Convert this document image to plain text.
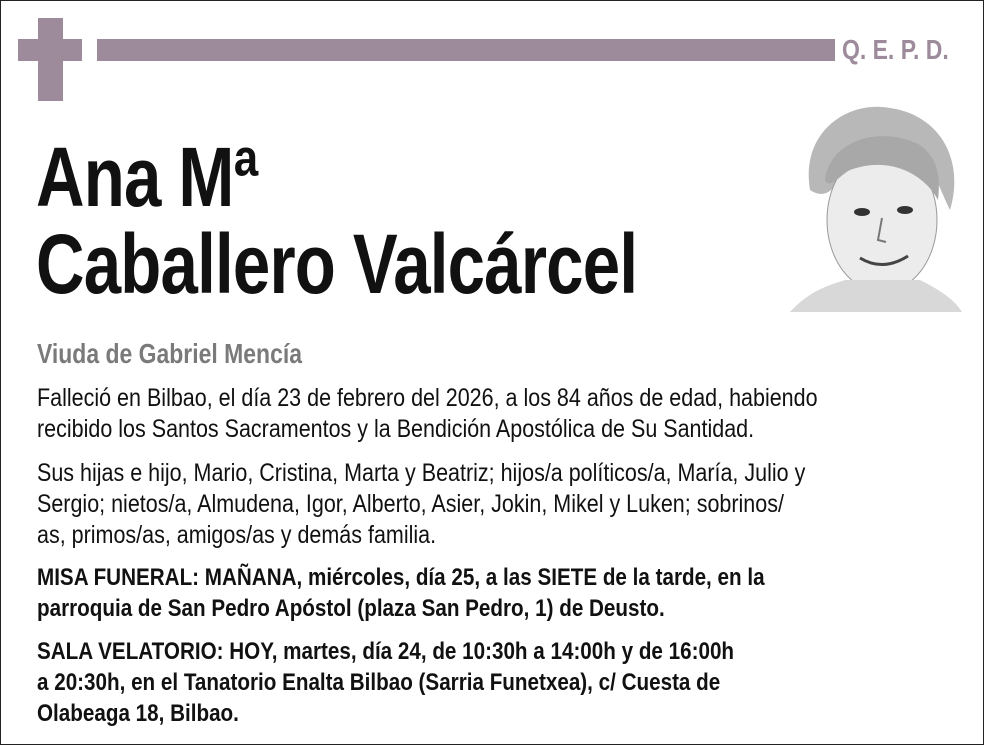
Q. E. P. D.
Ana Mª
Caballero Valcárcel
Viuda de Gabriel Mencía
Falleció en Bilbao, el día 23 de febrero del 2026, a los 84 años de edad, habiendo
recibido los Santos Sacramentos y la Bendición Apostólica de Su Santidad.
Sus hijas e hijo, Mario, Cristina, Marta y Beatriz; hijos/a políticos/a, María, Julio y
Sergio; nietos/a, Almudena, Igor, Alberto, Asier, Jokin, Mikel y Luken; sobrinos/
as, primos/as, amigos/as y demás familia.
MISA FUNERAL: MAÑANA, miércoles, día 25, a las SIETE de la tarde, en la
parroquia de San Pedro Apóstol (plaza San Pedro, 1) de Deusto.
SALA VELATORIO: HOY, martes, día 24, de 10:30h a 14:00h y de 16:00h
a 20:30h, en el Tanatorio Enalta Bilbao (Sarria Funetxea), c/ Cuesta de
Olabeaga 18, Bilbao.
